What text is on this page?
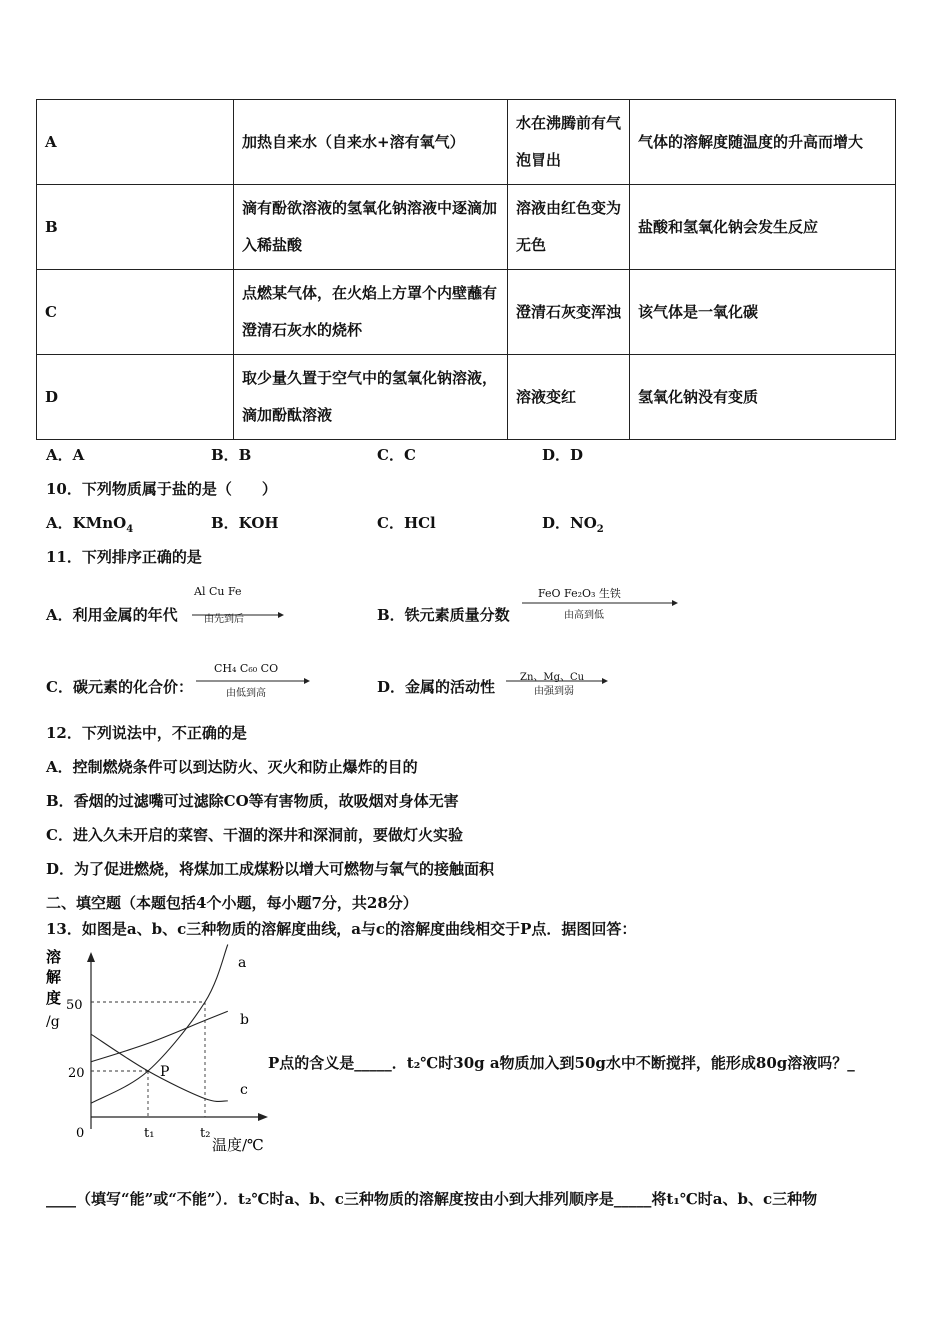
A	加热自来水（自来水+溶有氧气）	水在沸腾前有气泡冒出	气体的溶解度随温度的升高而增大
B	滴有酚欲溶液的氢氧化钠溶液中逐滴加入稀盐酸	溶液由红色变为无色	盐酸和氢氧化钠会发生反应
C	点燃某气体，在火焰上方罩个内壁蘸有澄清石灰水的烧杯	澄清石灰变浑浊	该气体是一氧化碳
D	取少量久置于空气中的氢氧化钠溶液，滴加酚酞溶液	溶液变红	氢氧化钠没有变质
A．A	B．B	C．C	D．D
10．下列物质属于盐的是（　　）
A．KMnO$_4$	B．KOH	C．HCl	D．$NO_2$
11．下列排序正确的是
A．利用金属的年代
Al Cu Fe
由先到后	B．铁元素质量分数
FeO Fe₂O₃ 生铁
由高到低
C．碳元素的化合价：
CH₄ C₆₀ CO
由低到高	D．金属的活动性
Zn、Mg、Cu
由强到弱
12．下列说法中，不正确的是
A．控制燃烧条件可以到达防火、灭火和防止爆炸的目的
B．香烟的过滤嘴可过滤除CO等有害物质，故吸烟对身体无害
C．进入久未开启的菜窖、干涸的深井和深洞前，要做灯火实验
D．为了促进燃烧，将煤加工成煤粉以增大可燃物与氧气的接触面积
二、填空题（本题包括4个小题，每小题7分，共28分）
13．如图是a、b、c三种物质的溶解度曲线，a与c的溶解度曲线相交于P点．据图回答：
溶
解
度
/g
50
20
0	t₁	t₂
温度/℃
P
a
b
c
P点的含义是_____．t₂℃时30g a物质加入到50g水中不断搅拌，能形成80g溶液吗？_
____（填写“能”或“不能”）．t₂℃时a、b、c三种物质的溶解度按由小到大排列顺序是_____将t₁℃时a、b、c三种物
